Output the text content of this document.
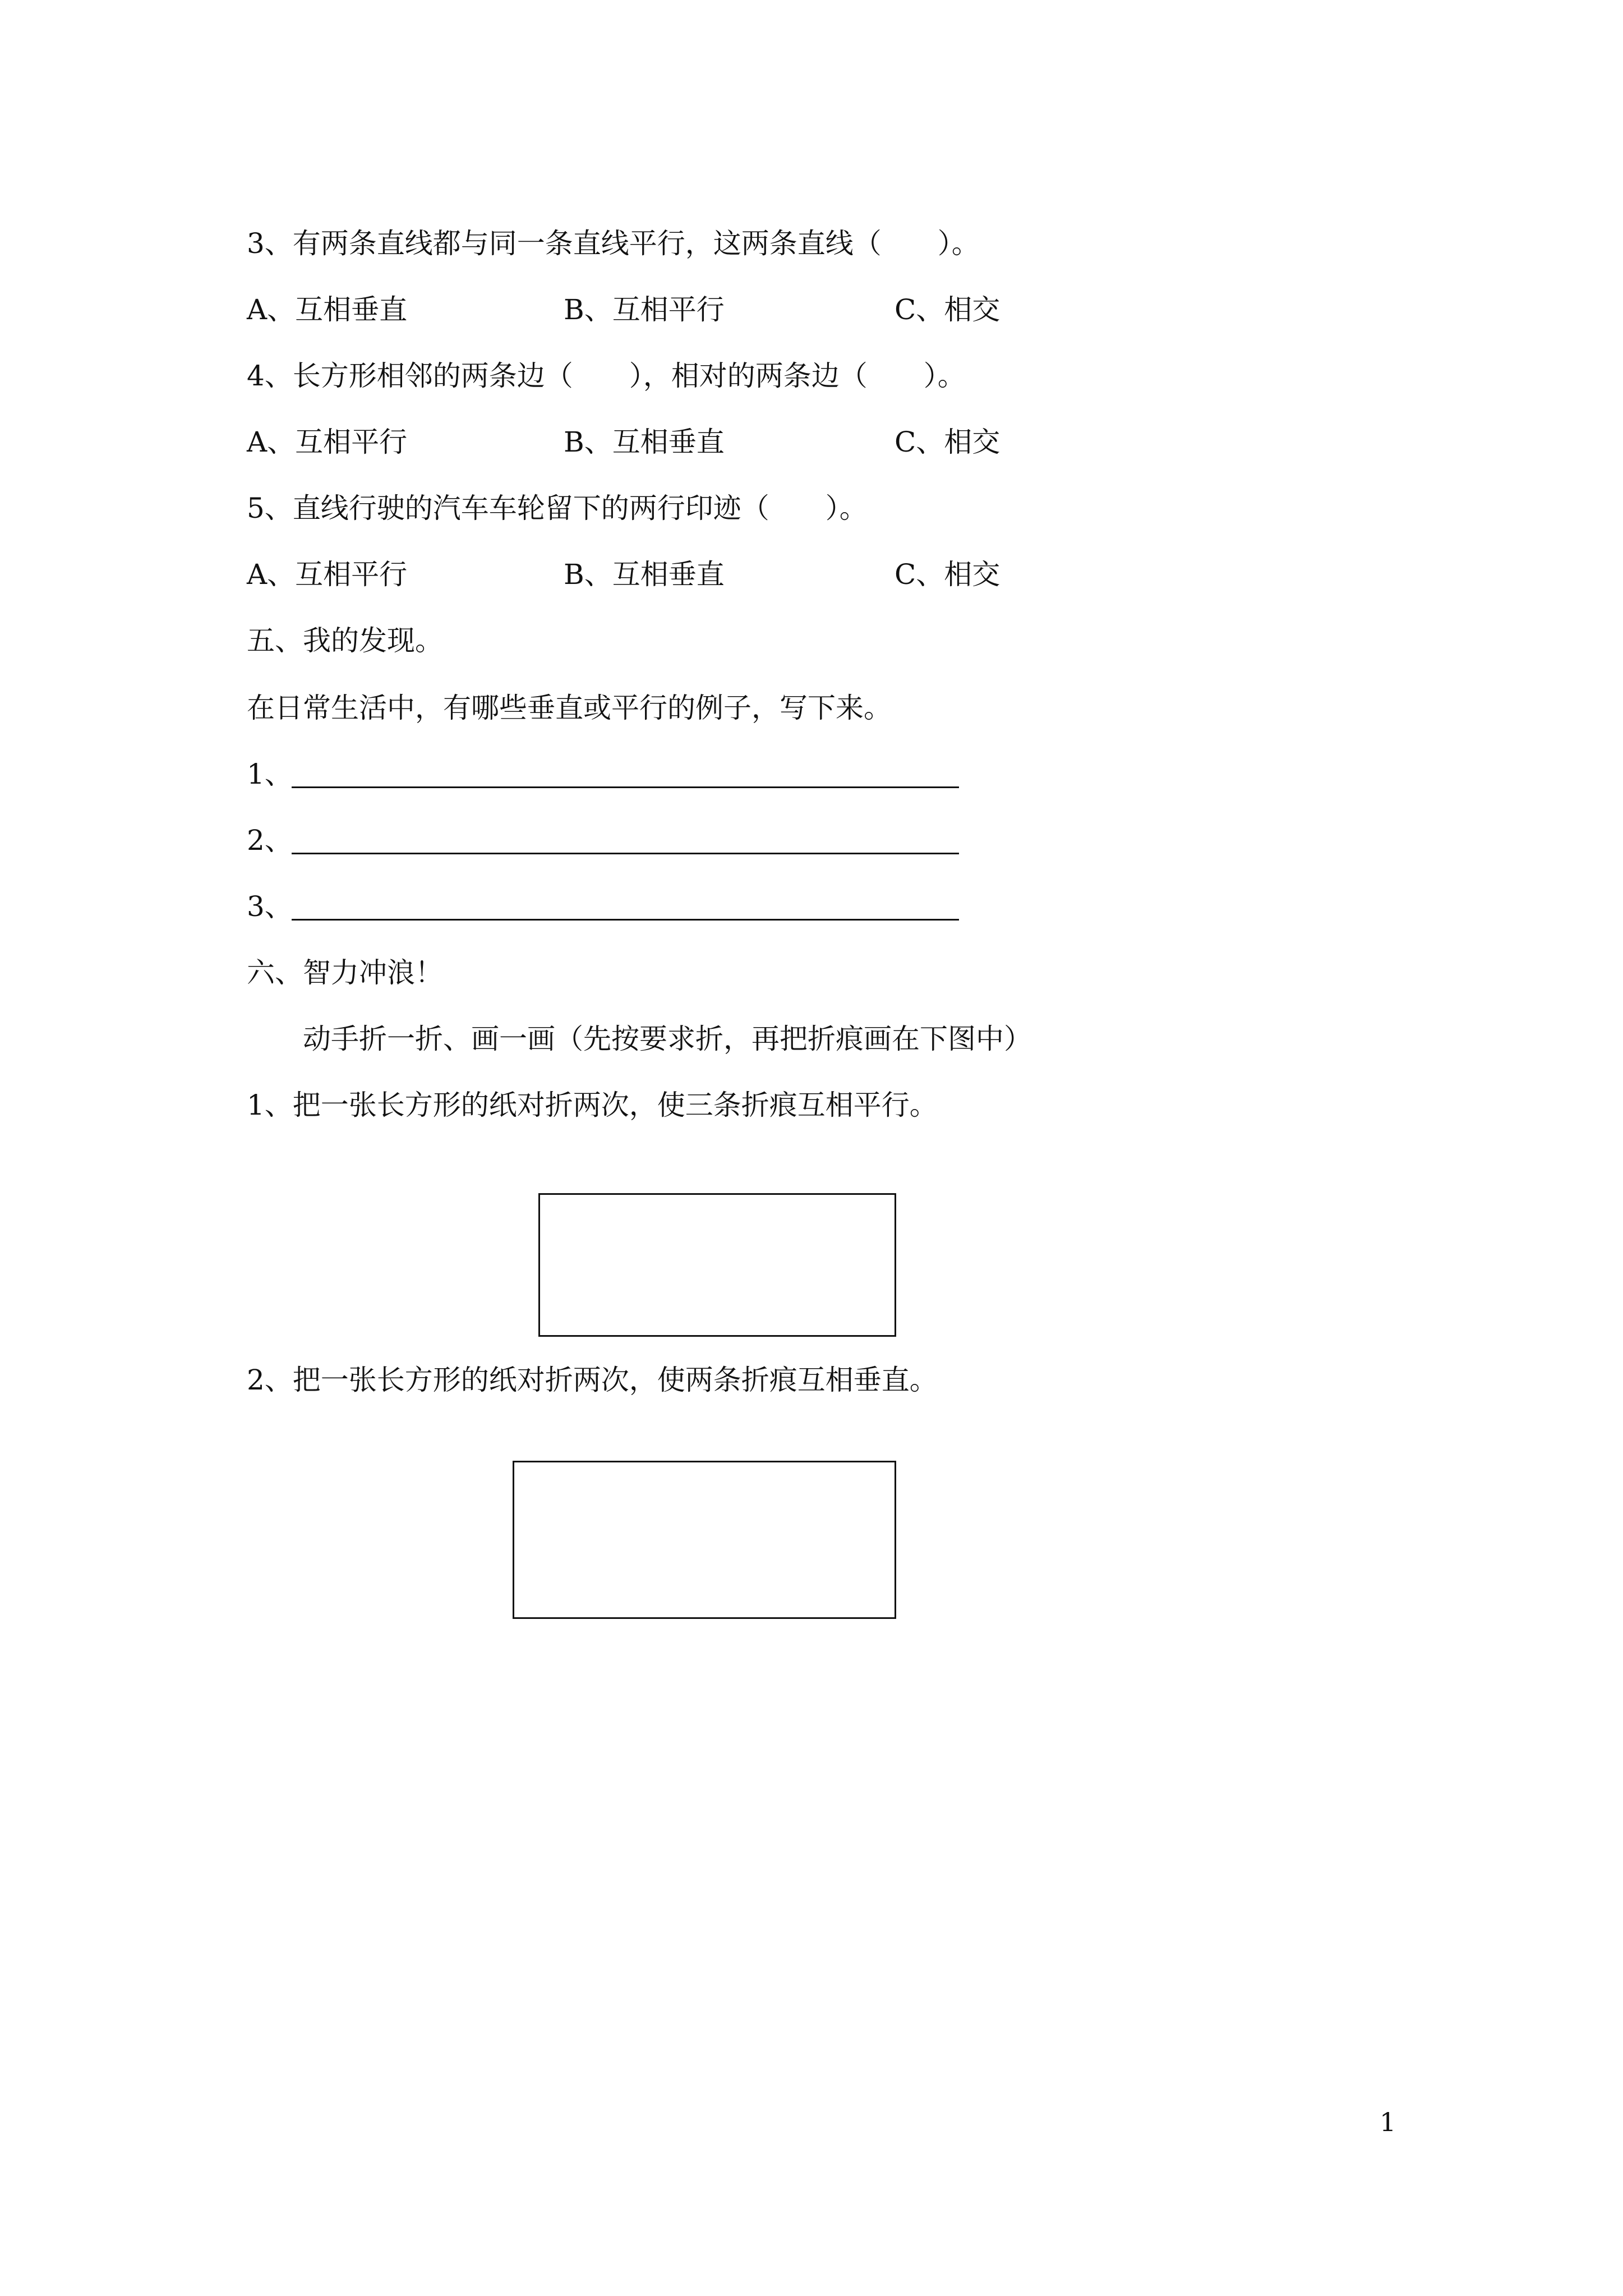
3、有两条直线都与同一条直线平行，这两条直线（　　）。
A、互相垂直	B、互相平行	C、相交
4、长方形相邻的两条边（　　），相对的两条边（　　）。
A、互相平行	B、互相垂直	C、相交
5、直线行驶的汽车车轮留下的两行印迹（　　）。
A、互相平行	B、互相垂直	C、相交
五、我的发现。
在日常生活中，有哪些垂直或平行的例子，写下来。
1、
2、
3、
六、智力冲浪！
动手折一折、画一画（先按要求折，再把折痕画在下图中）
1、把一张长方形的纸对折两次，使三条折痕互相平行。
2、把一张长方形的纸对折两次，使两条折痕互相垂直。
1
